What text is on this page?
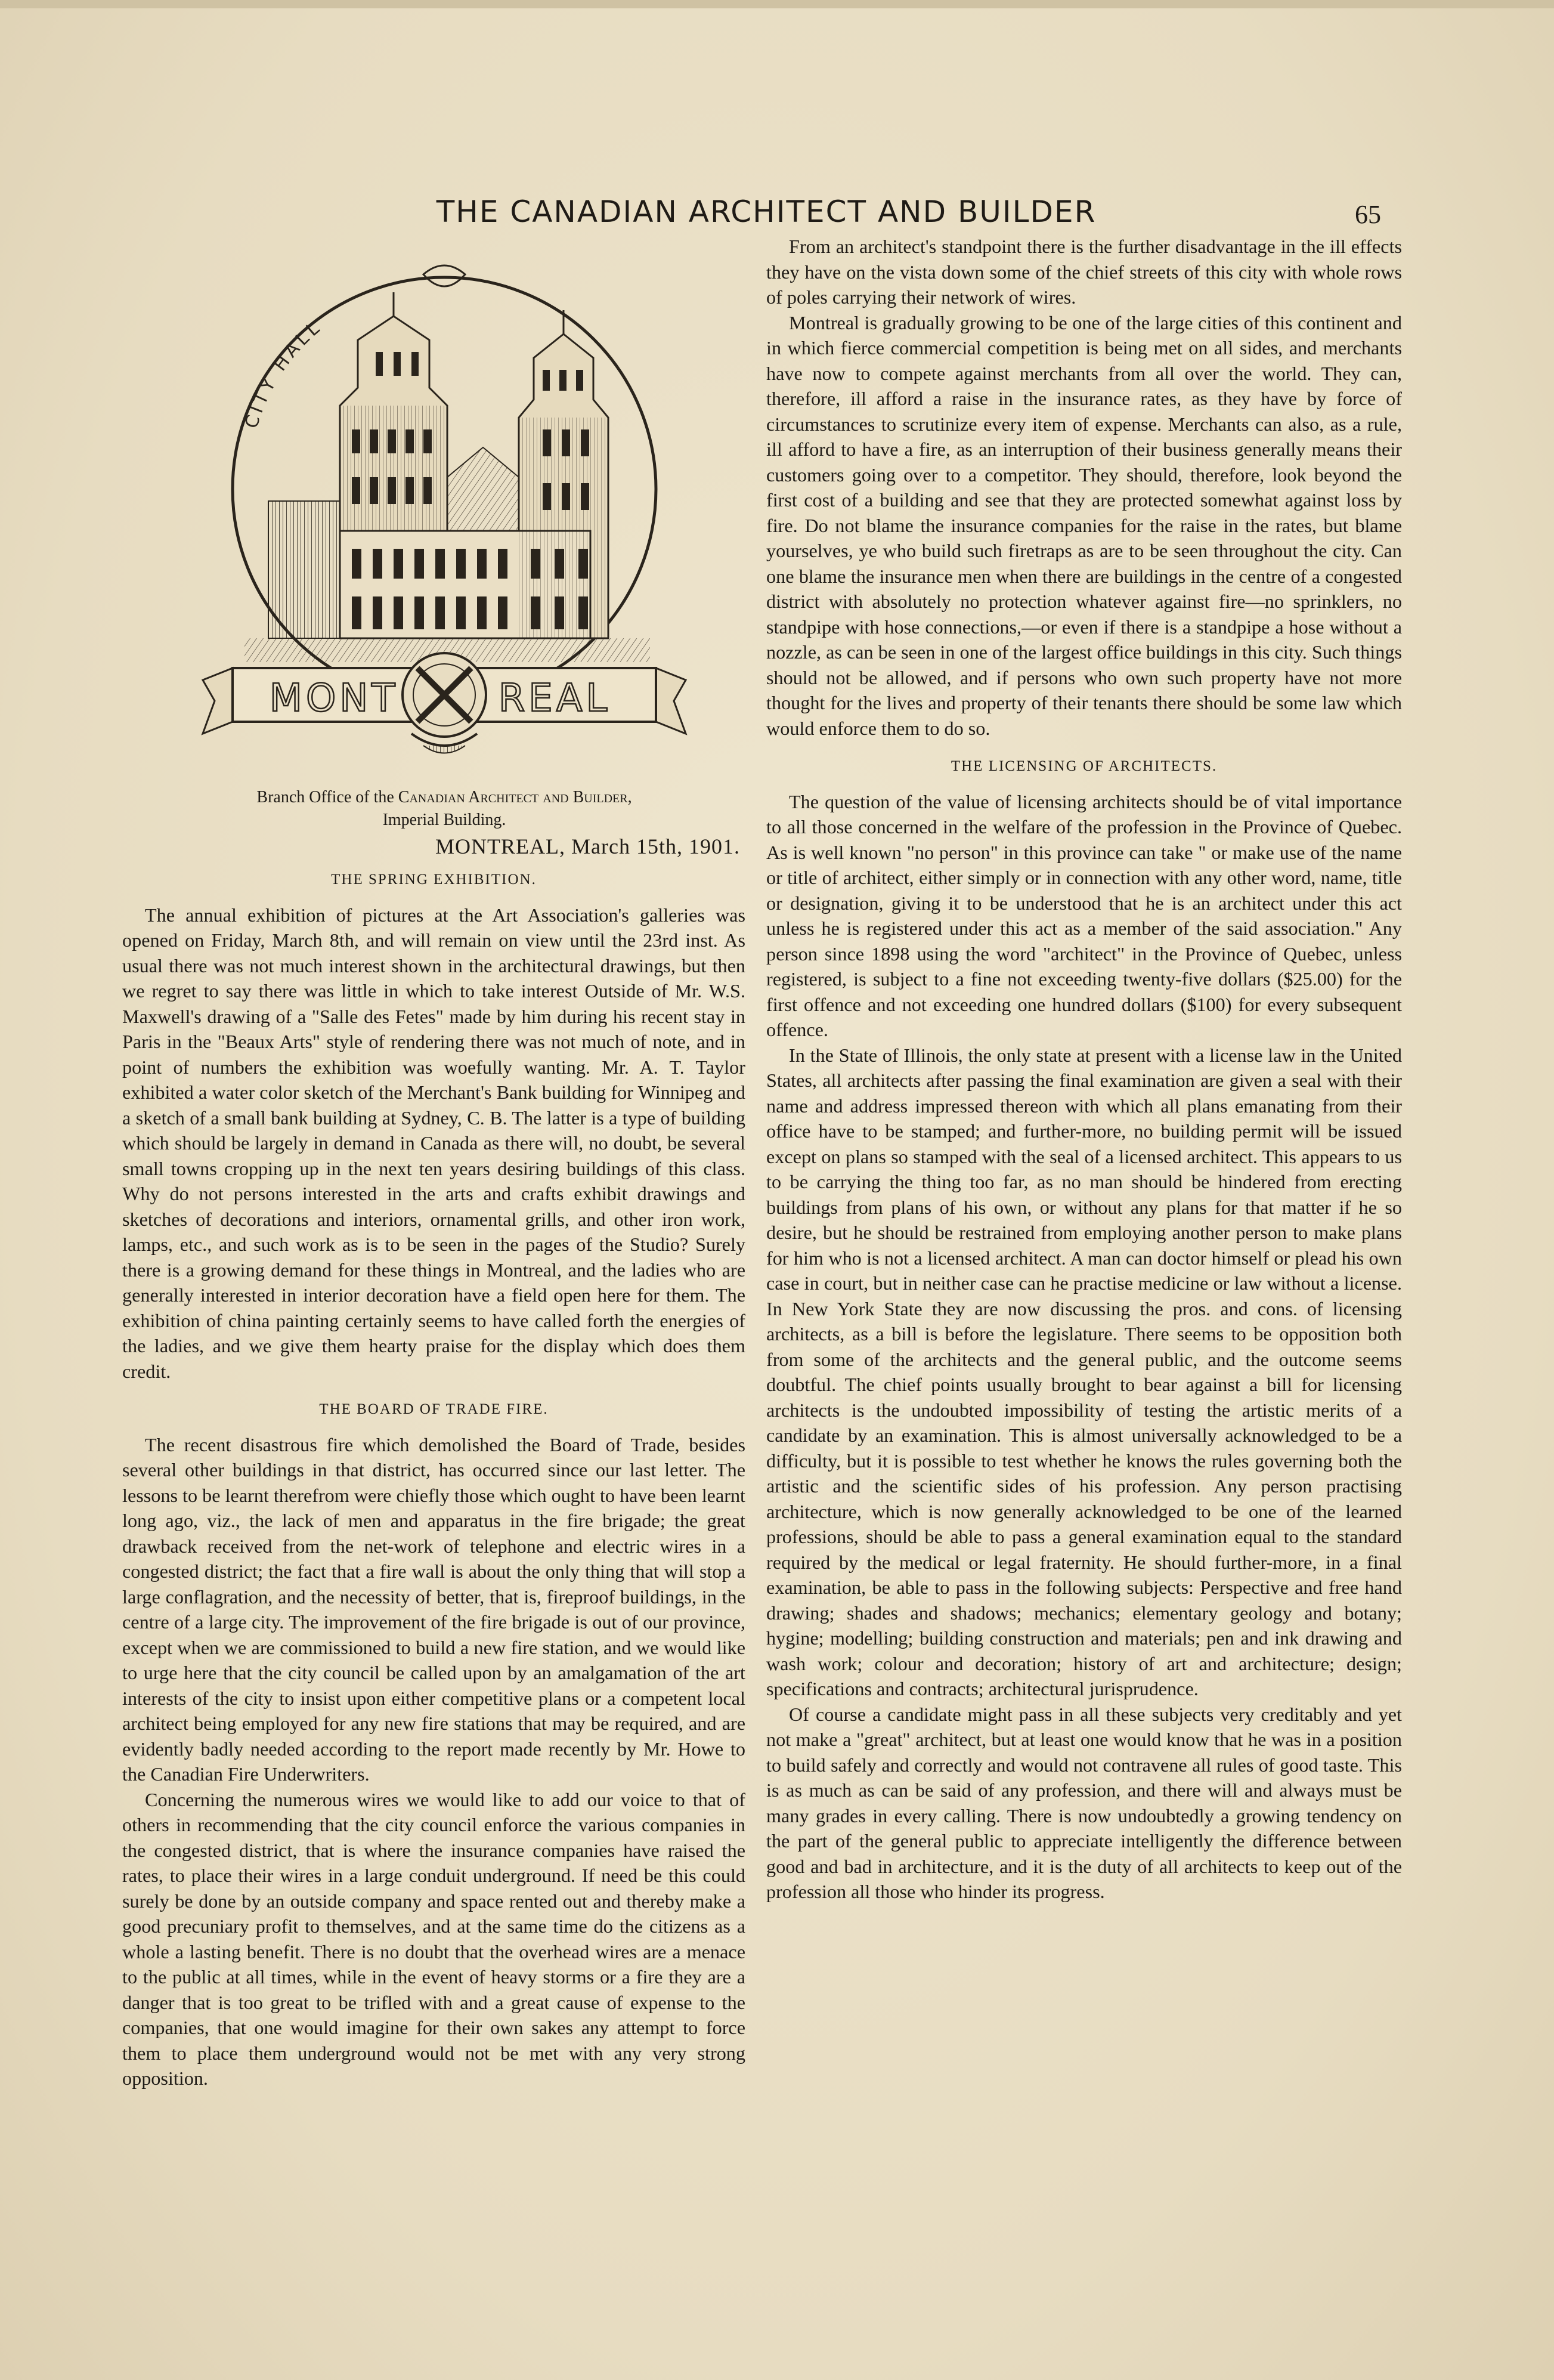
THE CANADIAN ARCHITECT AND BUILDER	65
CITY HALL
MONT	REAL
Branch Office of the Canadian Architect and Builder,
Imperial Building.
MONTREAL, March 15th, 1901.
THE SPRING EXHIBITION.

The annual exhibition of pictures at the Art Association's galleries was opened on Friday, March 8th, and will remain on view until the 23rd inst. As usual there was not much interest shown in the architectural drawings, but then we regret to say there was little in which to take interest Outside of Mr. W.S. Maxwell's drawing of a "Salle des Fetes" made by him during his recent stay in Paris in the "Beaux Arts" style of rendering there was not much of note, and in point of numbers the exhibition was woefully wanting. Mr. A. T. Taylor exhibited a water color sketch of the Merchant's Bank building for Winnipeg and a sketch of a small bank building at Sydney, C. B. The latter is a type of building which should be largely in demand in Canada as there will, no doubt, be several small towns cropping up in the next ten years desiring buildings of this class. Why do not persons interested in the arts and crafts exhibit drawings and sketches of decorations and interiors, ornamental grills, and other iron work, lamps, etc., and such work as is to be seen in the pages of the Studio? Surely there is a growing demand for these things in Montreal, and the ladies who are generally interested in interior decoration have a field open here for them. The exhibition of china painting certainly seems to have called forth the energies of the ladies, and we give them hearty praise for the display which does them credit.

THE BOARD OF TRADE FIRE.

The recent disastrous fire which demolished the Board of Trade, besides several other buildings in that district, has occurred since our last letter. The lessons to be learnt therefrom were chiefly those which ought to have been learnt long ago, viz., the lack of men and apparatus in the fire brigade; the great drawback received from the net-work of telephone and electric wires in a congested district; the fact that a fire wall is about the only thing that will stop a large conflagration, and the necessity of better, that is, fireproof buildings, in the centre of a large city. The improvement of the fire brigade is out of our province, except when we are commissioned to build a new fire station, and we would like to urge here that the city council be called upon by an amalgamation of the art interests of the city to insist upon either competitive plans or a competent local architect being employed for any new fire stations that may be required, and are evidently badly needed according to the report made recently by Mr. Howe to the Canadian Fire Underwriters.

Concerning the numerous wires we would like to add our voice to that of others in recommending that the city council enforce the various companies in the congested district, that is where the insurance companies have raised the rates, to place their wires in a large conduit underground. If need be this could surely be done by an outside company and space rented out and thereby make a good precuniary profit to themselves, and at the same time do the citizens as a whole a lasting benefit. There is no doubt that the overhead wires are a menace to the public at all times, while in the event of heavy storms or a fire they are a danger that is too great to be trifled with and a great cause of expense to the companies, that one would imagine for their own sakes any attempt to force them to place them underground would not be met with any very strong opposition.

From an architect's standpoint there is the further disadvantage in the ill effects they have on the vista down some of the chief streets of this city with whole rows of poles carrying their network of wires.

Montreal is gradually growing to be one of the large cities of this continent and in which fierce commercial competition is being met on all sides, and merchants have now to compete against merchants from all over the world. They can, therefore, ill afford a raise in the insurance rates, as they have by force of circumstances to scrutinize every item of expense. Merchants can also, as a rule, ill afford to have a fire, as an interruption of their business generally means their customers going over to a competitor. They should, therefore, look beyond the first cost of a building and see that they are protected somewhat against loss by fire. Do not blame the insurance companies for the raise in the rates, but blame yourselves, ye who build such firetraps as are to be seen throughout the city. Can one blame the insurance men when there are buildings in the centre of a congested district with absolutely no protection whatever against fire—no sprinklers, no standpipe with hose connections,—or even if there is a standpipe a hose without a nozzle, as can be seen in one of the largest office buildings in this city. Such things should not be allowed, and if persons who own such property have not more thought for the lives and property of their tenants there should be some law which would enforce them to do so.

THE LICENSING OF ARCHITECTS.

The question of the value of licensing architects should be of vital importance to all those concerned in the welfare of the profession in the Province of Quebec. As is well known "no person" in this province can take " or make use of the name or title of architect, either simply or in connection with any other word, name, title or designation, giving it to be understood that he is an architect under this act unless he is registered under this act as a member of the said association." Any person since 1898 using the word "architect" in the Province of Quebec, unless registered, is subject to a fine not exceeding twenty-five dollars ($25.00) for the first offence and not exceeding one hundred dollars ($100) for every subsequent offence.

In the State of Illinois, the only state at present with a license law in the United States, all architects after passing the final examination are given a seal with their name and address impressed thereon with which all plans emanating from their office have to be stamped; and further-more, no building permit will be issued except on plans so stamped with the seal of a licensed architect. This appears to us to be carrying the thing too far, as no man should be hindered from erecting buildings from plans of his own, or without any plans for that matter if he so desire, but he should be restrained from employing another person to make plans for him who is not a licensed architect. A man can doctor himself or plead his own case in court, but in neither case can he practise medicine or law without a license. In New York State they are now discussing the pros. and cons. of licensing architects, as a bill is before the legislature. There seems to be opposition both from some of the architects and the general public, and the outcome seems doubtful. The chief points usually brought to bear against a bill for licensing architects is the undoubted impossibility of testing the artistic merits of a candidate by an examination. This is almost universally acknowledged to be a difficulty, but it is possible to test whether he knows the rules governing both the artistic and the scientific sides of his profession. Any person practising architecture, which is now generally acknowledged to be one of the learned professions, should be able to pass a general examination equal to the standard required by the medical or legal fraternity. He should further-more, in a final examination, be able to pass in the following subjects: Perspective and free hand drawing; shades and shadows; mechanics; elementary geology and botany; hygine; modelling; building construction and materials; pen and ink drawing and wash work; colour and decoration; history of art and architecture; design; specifications and contracts; architectural jurisprudence.

Of course a candidate might pass in all these subjects very creditably and yet not make a "great" architect, but at least one would know that he was in a position to build safely and correctly and would not contravene all rules of good taste. This is as much as can be said of any profession, and there will and always must be many grades in every calling. There is now undoubtedly a growing tendency on the part of the general public to appreciate intelligently the difference between good and bad in architecture, and it is the duty of all architects to keep out of the profession all those who hinder its progress.
